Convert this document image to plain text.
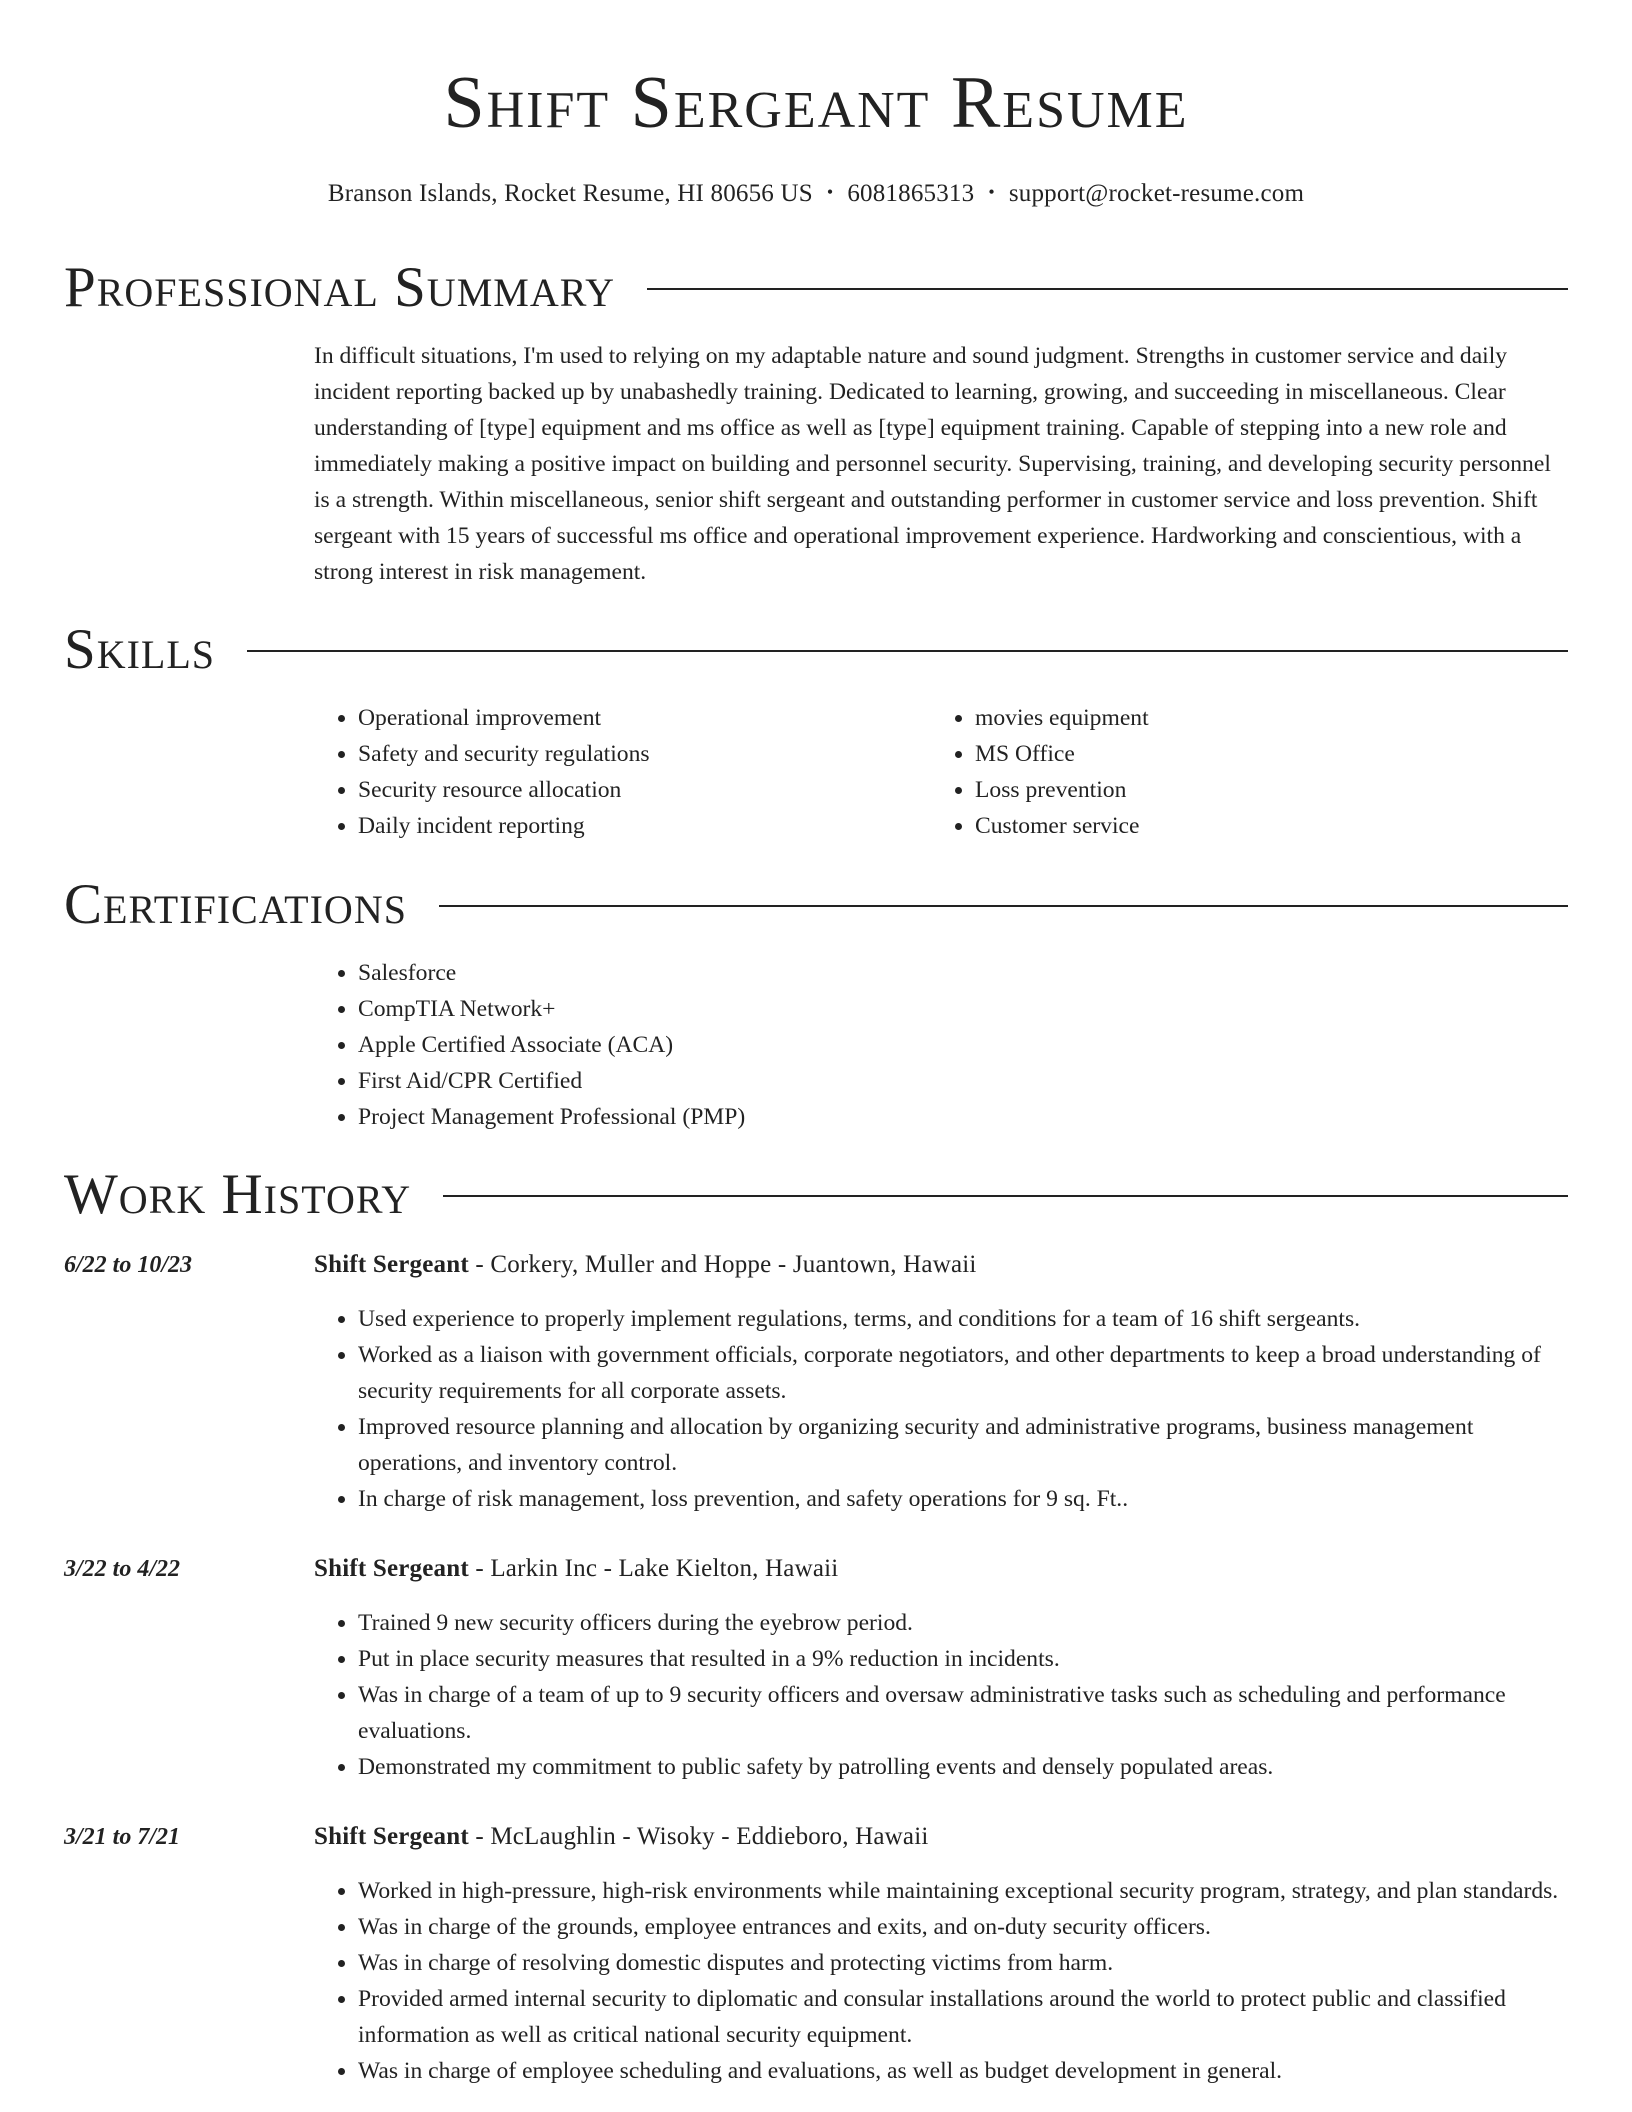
Shift Sergeant Resume
Branson Islands, Rocket Resume, HI 80656 US • 6081865313 • support@rocket-resume.com
Professional Summary
In difficult situations, I'm used to relying on my adaptable nature and sound judgment. Strengths in customer service and daily incident reporting backed up by unabashedly training. Dedicated to learning, growing, and succeeding in miscellaneous. Clear understanding of [type] equipment and ms office as well as [type] equipment training. Capable of stepping into a new role and immediately making a positive impact on building and personnel security. Supervising, training, and developing security personnel is a strength. Within miscellaneous, senior shift sergeant and outstanding performer in customer service and loss prevention. Shift sergeant with 15 years of successful ms office and operational improvement experience. Hardworking and conscientious, with a strong interest in risk management.
Skills
• Operational improvement
• Safety and security regulations
• Security resource allocation
• Daily incident reporting
• movies equipment
• MS Office
• Loss prevention
• Customer service
Certifications
• Salesforce
• CompTIA Network+
• Apple Certified Associate (ACA)
• First Aid/CPR Certified
• Project Management Professional (PMP)
Work History
6/22 to 10/23	Shift Sergeant - Corkery, Muller and Hoppe - Juantown, Hawaii
• Used experience to properly implement regulations, terms, and conditions for a team of 16 shift sergeants.
• Worked as a liaison with government officials, corporate negotiators, and other departments to keep a broad understanding of security requirements for all corporate assets.
• Improved resource planning and allocation by organizing security and administrative programs, business management operations, and inventory control.
• In charge of risk management, loss prevention, and safety operations for 9 sq. Ft..
3/22 to 4/22	Shift Sergeant - Larkin Inc - Lake Kielton, Hawaii
• Trained 9 new security officers during the eyebrow period.
• Put in place security measures that resulted in a 9% reduction in incidents.
• Was in charge of a team of up to 9 security officers and oversaw administrative tasks such as scheduling and performance evaluations.
• Demonstrated my commitment to public safety by patrolling events and densely populated areas.
3/21 to 7/21	Shift Sergeant - McLaughlin - Wisoky - Eddieboro, Hawaii
• Worked in high-pressure, high-risk environments while maintaining exceptional security program, strategy, and plan standards.
• Was in charge of the grounds, employee entrances and exits, and on-duty security officers.
• Was in charge of resolving domestic disputes and protecting victims from harm.
• Provided armed internal security to diplomatic and consular installations around the world to protect public and classified information as well as critical national security equipment.
• Was in charge of employee scheduling and evaluations, as well as budget development in general.
